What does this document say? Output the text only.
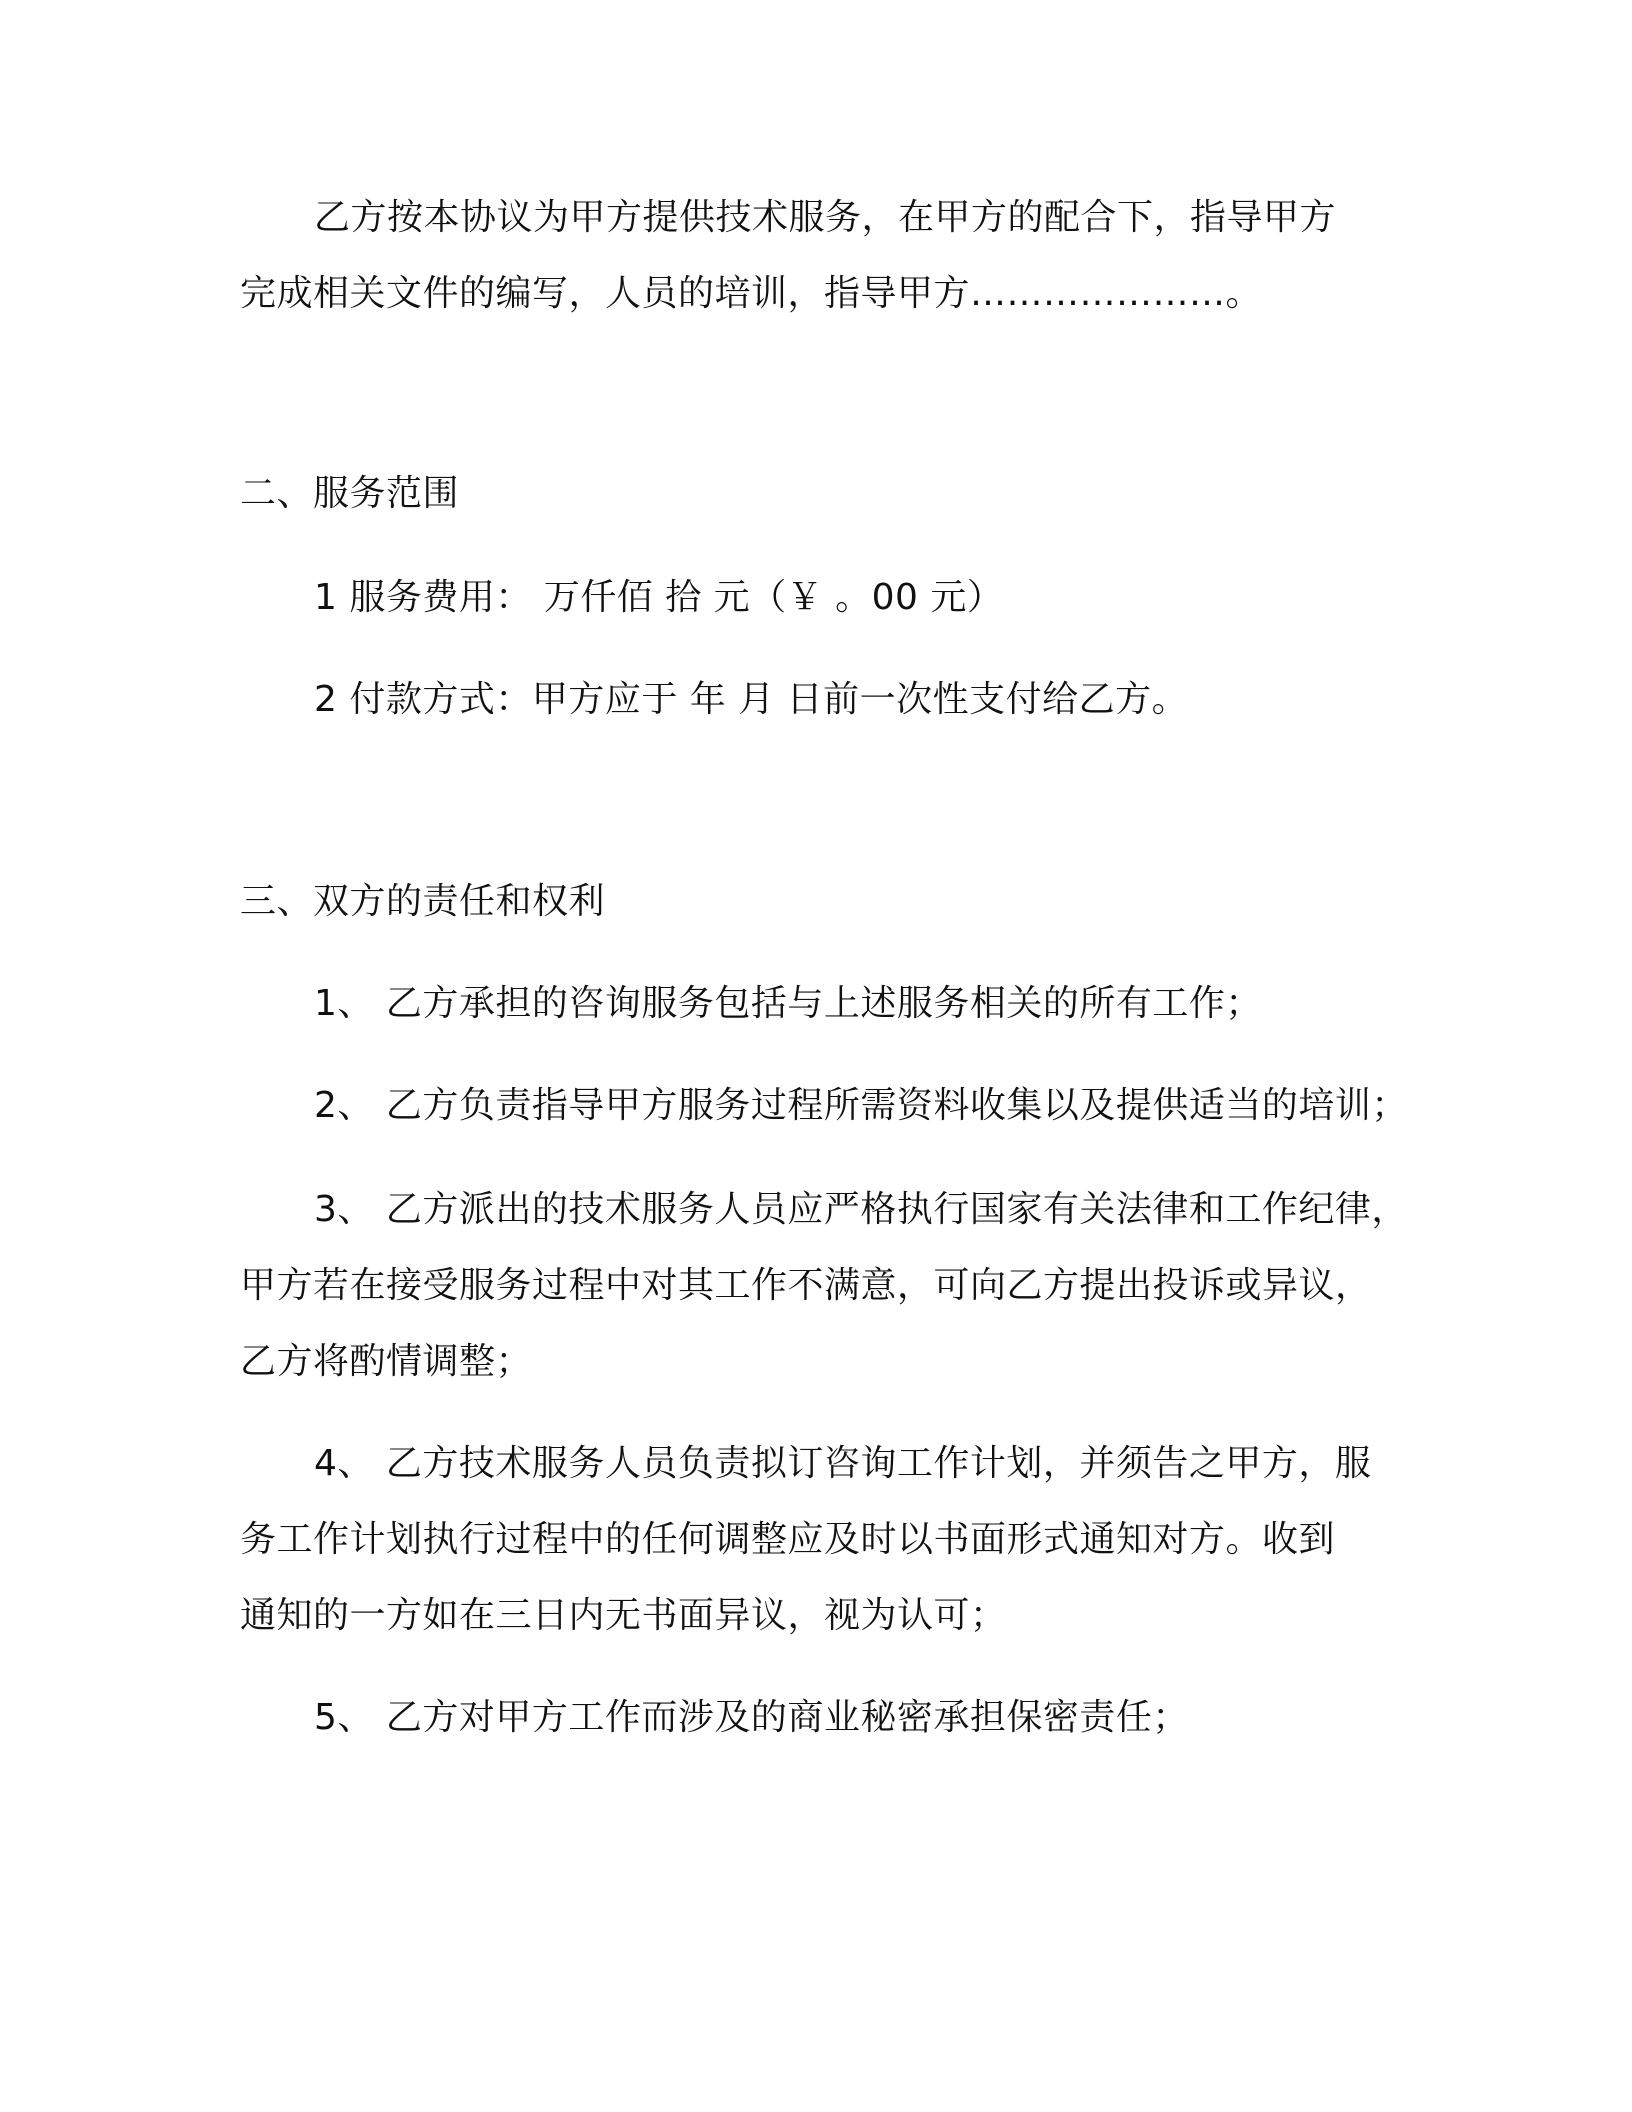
乙方按本协议为甲方提供技术服务，在甲方的配合下，指导甲方
完成相关文件的编写，人员的培训，指导甲方…………………。
二、服务范围
1 服务费用： 万仟佰 拾 元（￥ 。00 元）
2 付款方式：甲方应于 年 月 日前一次性支付给乙方。
三、双方的责任和权利
1、 乙方承担的咨询服务包括与上述服务相关的所有工作；
2、 乙方负责指导甲方服务过程所需资料收集以及提供适当的培训；
3、 乙方派出的技术服务人员应严格执行国家有关法律和工作纪律，
甲方若在接受服务过程中对其工作不满意，可向乙方提出投诉或异议，
乙方将酌情调整；
4、 乙方技术服务人员负责拟订咨询工作计划，并须告之甲方，服
务工作计划执行过程中的任何调整应及时以书面形式通知对方。收到
通知的一方如在三日内无书面异议，视为认可；
5、 乙方对甲方工作而涉及的商业秘密承担保密责任；
